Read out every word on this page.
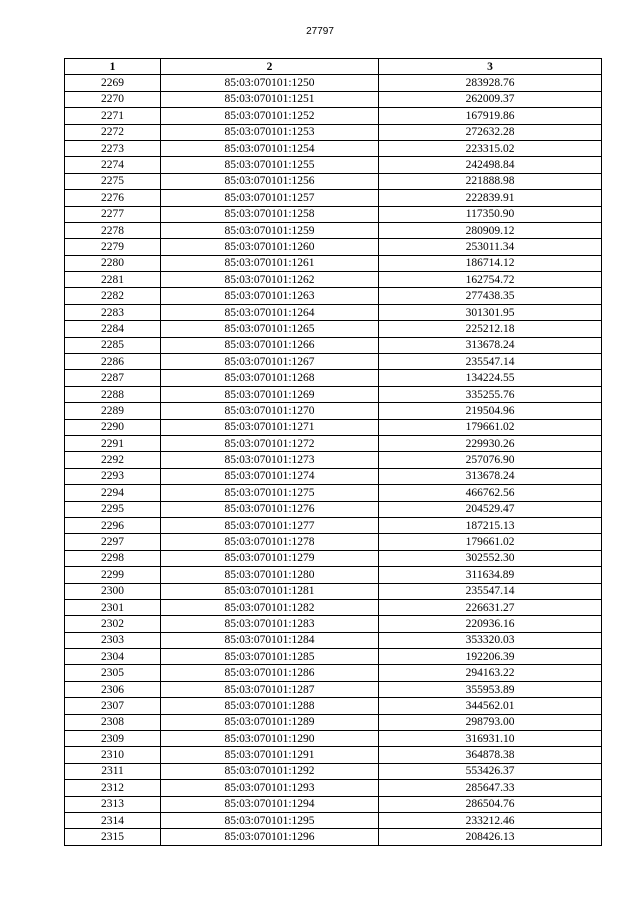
27797
1	2	3
2269	85:03:070101:1250	283928.76
2270	85:03:070101:1251	262009.37
2271	85:03:070101:1252	167919.86
2272	85:03:070101:1253	272632.28
2273	85:03:070101:1254	223315.02
2274	85:03:070101:1255	242498.84
2275	85:03:070101:1256	221888.98
2276	85:03:070101:1257	222839.91
2277	85:03:070101:1258	117350.90
2278	85:03:070101:1259	280909.12
2279	85:03:070101:1260	253011.34
2280	85:03:070101:1261	186714.12
2281	85:03:070101:1262	162754.72
2282	85:03:070101:1263	277438.35
2283	85:03:070101:1264	301301.95
2284	85:03:070101:1265	225212.18
2285	85:03:070101:1266	313678.24
2286	85:03:070101:1267	235547.14
2287	85:03:070101:1268	134224.55
2288	85:03:070101:1269	335255.76
2289	85:03:070101:1270	219504.96
2290	85:03:070101:1271	179661.02
2291	85:03:070101:1272	229930.26
2292	85:03:070101:1273	257076.90
2293	85:03:070101:1274	313678.24
2294	85:03:070101:1275	466762.56
2295	85:03:070101:1276	204529.47
2296	85:03:070101:1277	187215.13
2297	85:03:070101:1278	179661.02
2298	85:03:070101:1279	302552.30
2299	85:03:070101:1280	311634.89
2300	85:03:070101:1281	235547.14
2301	85:03:070101:1282	226631.27
2302	85:03:070101:1283	220936.16
2303	85:03:070101:1284	353320.03
2304	85:03:070101:1285	192206.39
2305	85:03:070101:1286	294163.22
2306	85:03:070101:1287	355953.89
2307	85:03:070101:1288	344562.01
2308	85:03:070101:1289	298793.00
2309	85:03:070101:1290	316931.10
2310	85:03:070101:1291	364878.38
2311	85:03:070101:1292	553426.37
2312	85:03:070101:1293	285647.33
2313	85:03:070101:1294	286504.76
2314	85:03:070101:1295	233212.46
2315	85:03:070101:1296	208426.13
